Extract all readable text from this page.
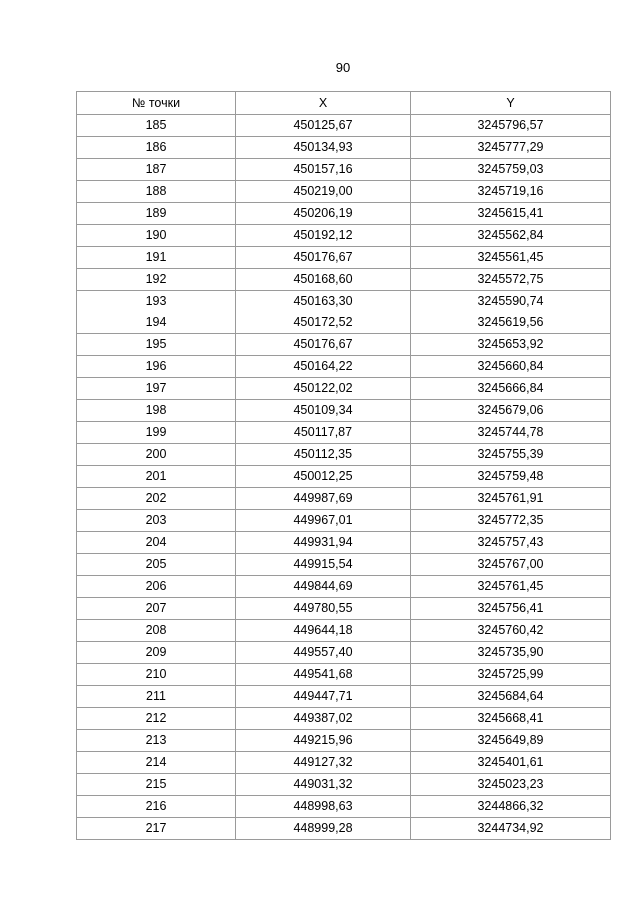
90
№ точки	X	Y
185	450125,67	3245796,57
186	450134,93	3245777,29
187	450157,16	3245759,03
188	450219,00	3245719,16
189	450206,19	3245615,41
190	450192,12	3245562,84
191	450176,67	3245561,45
192	450168,60	3245572,75
193	450163,30	3245590,74
194	450172,52	3245619,56
195	450176,67	3245653,92
196	450164,22	3245660,84
197	450122,02	3245666,84
198	450109,34	3245679,06
199	450117,87	3245744,78
200	450112,35	3245755,39
201	450012,25	3245759,48
202	449987,69	3245761,91
203	449967,01	3245772,35
204	449931,94	3245757,43
205	449915,54	3245767,00
206	449844,69	3245761,45
207	449780,55	3245756,41
208	449644,18	3245760,42
209	449557,40	3245735,90
210	449541,68	3245725,99
211	449447,71	3245684,64
212	449387,02	3245668,41
213	449215,96	3245649,89
214	449127,32	3245401,61
215	449031,32	3245023,23
216	448998,63	3244866,32
217	448999,28	3244734,92
